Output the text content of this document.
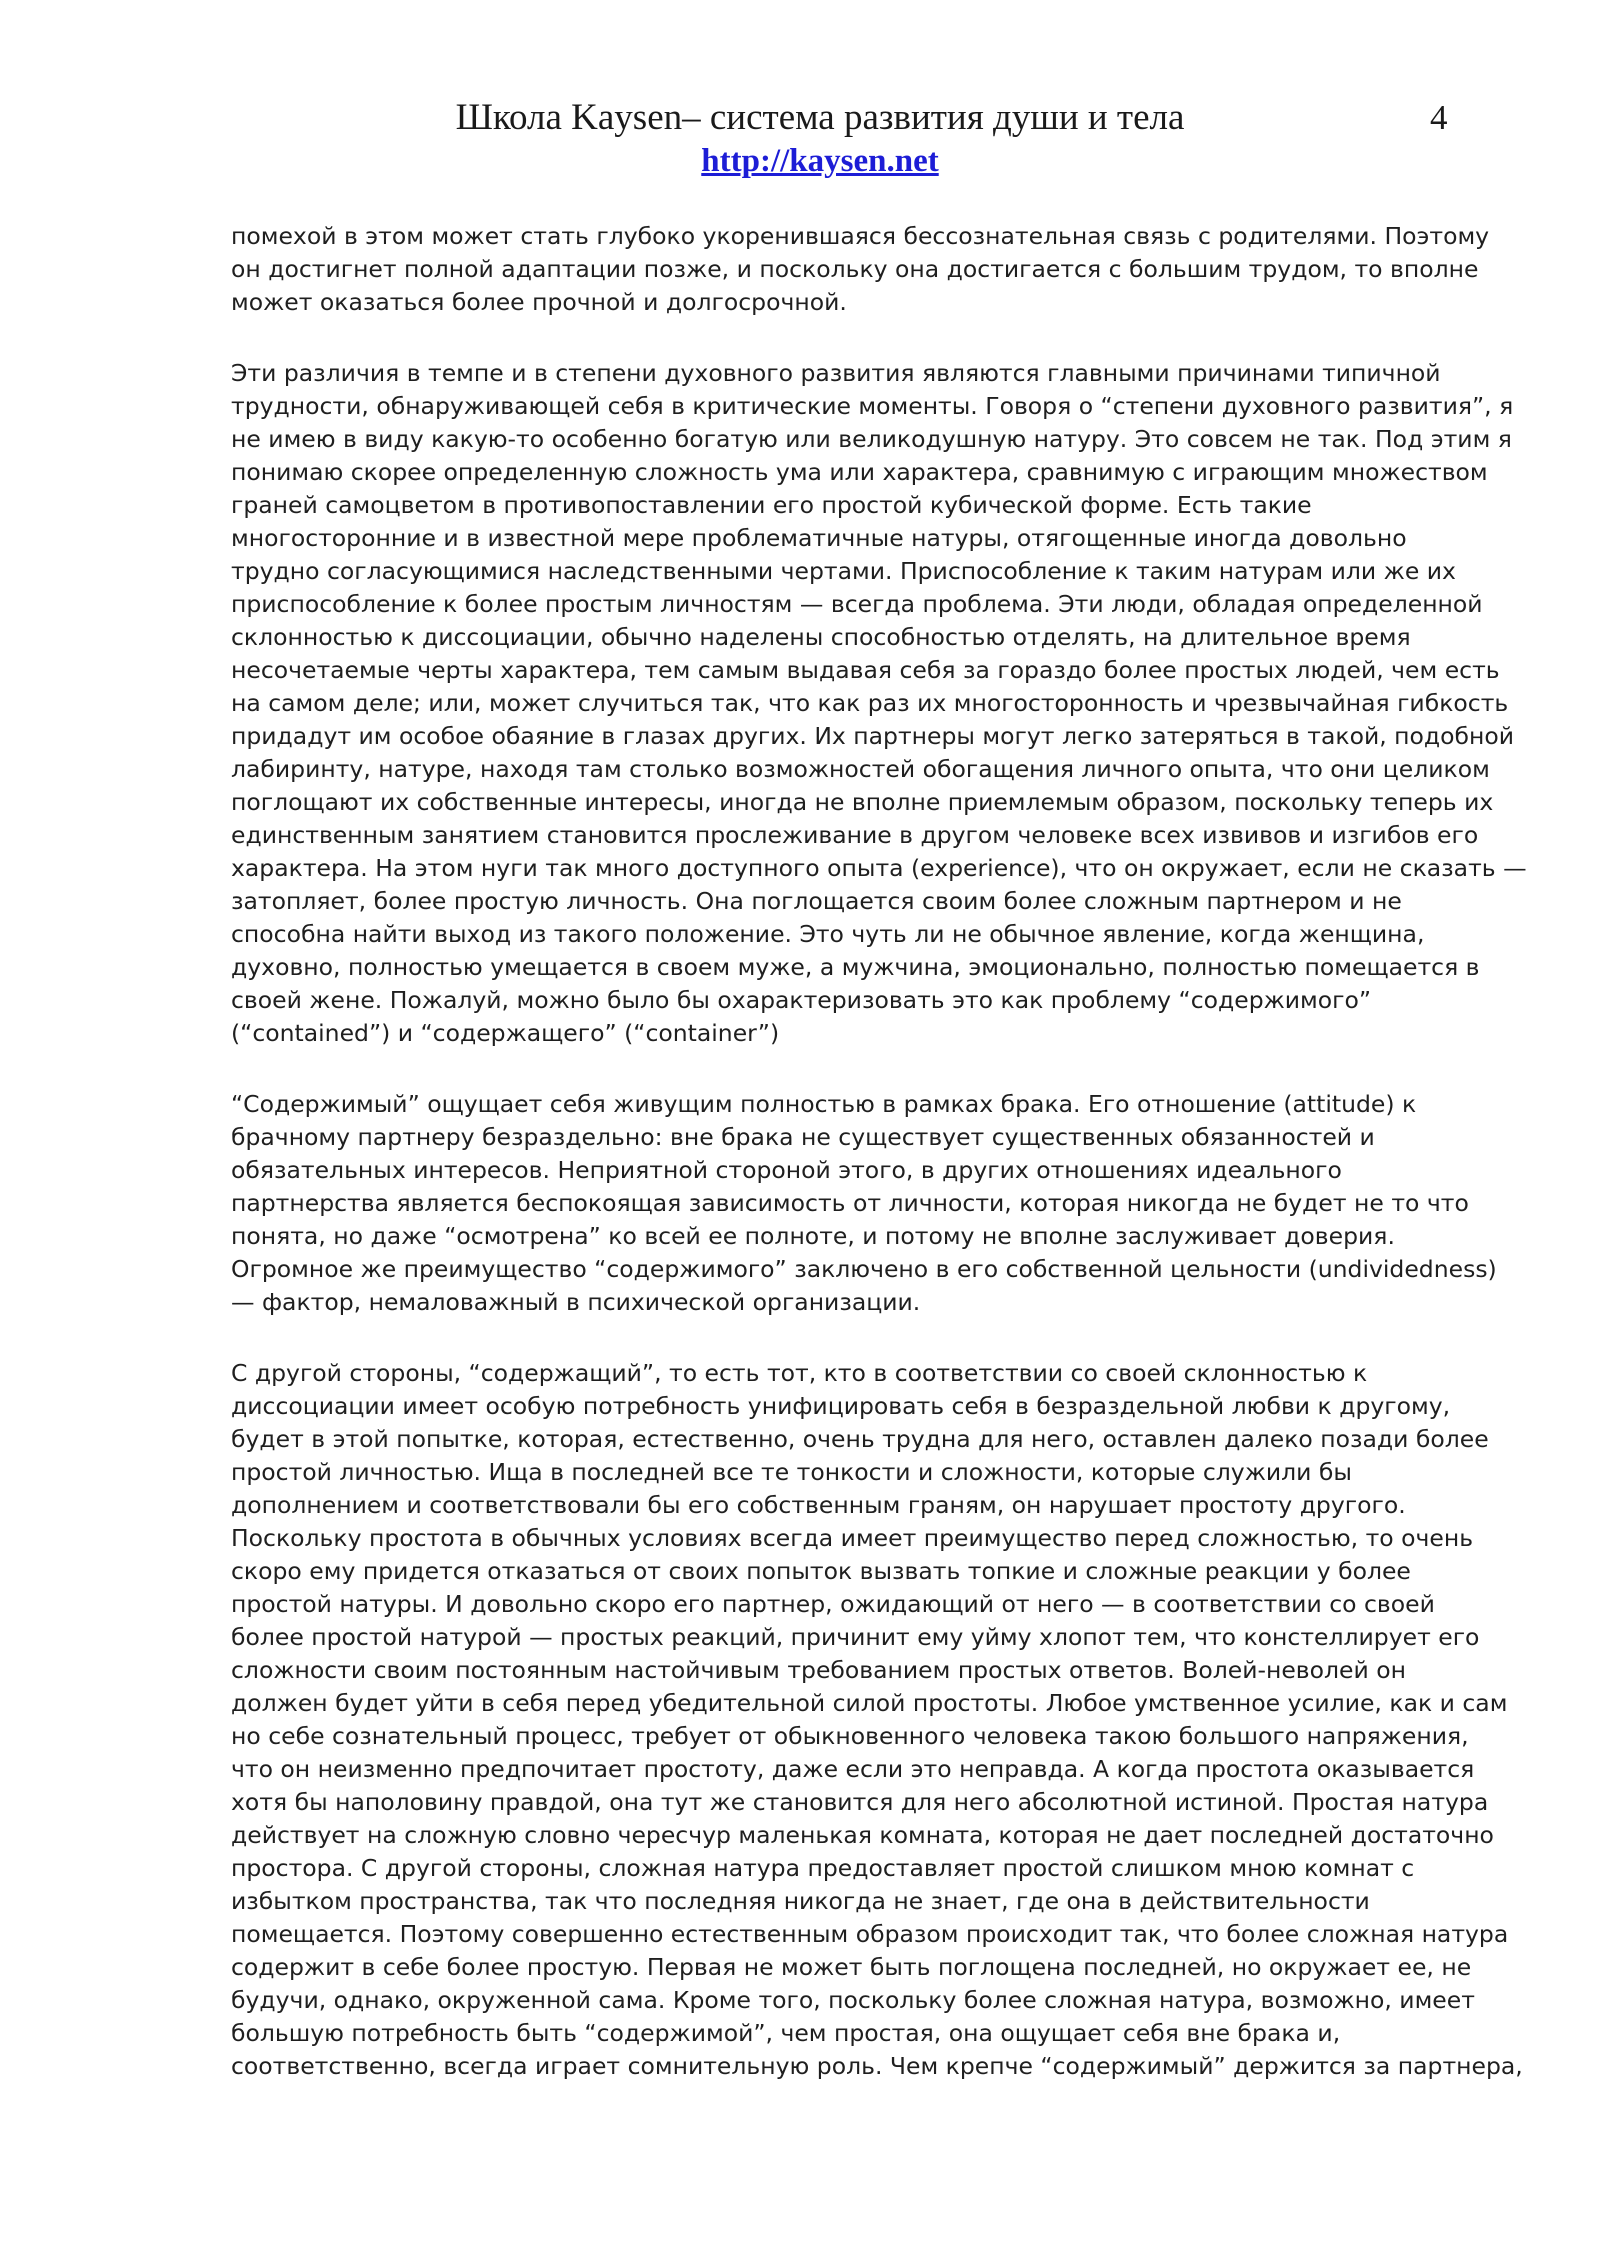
Школа Kaysen– система развития души и тела	4
http://kaysen.net
помехой в этом может стать глубоко укоренившаяся бессознательная связь с родителями. Поэтому
он достигнет полной адаптации позже, и поскольку она достигается с большим трудом, то вполне
может оказаться более прочной и долгосрочной.
Эти различия в темпе и в степени духовного развития являются главными причинами типичной
трудности, обнаруживающей себя в критические моменты. Говоря о “степени духовного развития”, я
не имею в виду какую-то особенно богатую или великодушную натуру. Это совсем не так. Под этим я
понимаю скорее определенную сложность ума или характера, сравнимую с играющим множеством
граней самоцветом в противопоставлении его простой кубической форме. Есть такие
многосторонние и в известной мере проблематичные натуры, отягощенные иногда довольно
трудно согласующимися наследственными чертами. Приспособление к таким натурам или же их
приспособление к более простым личностям — всегда проблема. Эти люди, обладая определенной
склонностью к диссоциации, обычно наделены способностью отделять, на длительное время
несочетаемые черты характера, тем самым выдавая себя за гораздо более простых людей, чем есть
на самом деле; или, может случиться так, что как раз их многосторонность и чрезвычайная гибкость
придадут им особое обаяние в глазах других. Их партнеры могут легко затеряться в такой, подобной
лабиринту, натуре, находя там столько возможностей обогащения личного опыта, что они целиком
поглощают их собственные интересы, иногда не вполне приемлемым образом, поскольку теперь их
единственным занятием становится прослеживание в другом человеке всех извивов и изгибов его
характера. На этом нуги так много доступного опыта (experience), что он окружает, если не сказать —
затопляет, более простую личность. Она поглощается своим более сложным партнером и не
способна найти выход из такого положение. Это чуть ли не обычное явление, когда женщина,
духовно, полностью умещается в своем муже, а мужчина, эмоционально, полностью помещается в
своей жене. Пожалуй, можно было бы охарактеризовать это как проблему “содержимого”
(“contained”) и “содержащего” (“container”)
“Содержимый” ощущает себя живущим полностью в рамках брака. Его отношение (attitude) к
брачному партнеру безраздельно: вне брака не существует существенных обязанностей и
обязательных интересов. Неприятной стороной этого, в других отношениях идеального
партнерства является беспокоящая зависимость от личности, которая никогда не будет не то что
понята, но даже “осмотрена” ко всей ее полноте, и потому не вполне заслуживает доверия.
Огромное же преимущество “содержимого” заключено в его собственной цельности (undividedness)
— фактор, немаловажный в психической организации.
С другой стороны, “содержащий”, то есть тот, кто в соответствии со своей склонностью к
диссоциации имеет особую потребность унифицировать себя в безраздельной любви к другому,
будет в этой попытке, которая, естественно, очень трудна для него, оставлен далеко позади более
простой личностью. Ища в последней все те тонкости и сложности, которые служили бы
дополнением и соответствовали бы его собственным граням, он нарушает простоту другого.
Поскольку простота в обычных условиях всегда имеет преимущество перед сложностью, то очень
скоро ему придется отказаться от своих попыток вызвать топкие и сложные реакции у более
простой натуры. И довольно скоро его партнер, ожидающий от него — в соответствии со своей
более простой натурой — простых реакций, причинит ему уйму хлопот тем, что констеллирует его
сложности своим постоянным настойчивым требованием простых ответов. Волей-неволей он
должен будет уйти в себя перед убедительной силой простоты. Любое умственное усилие, как и сам
но себе сознательный процесс, требует от обыкновенного человека такою большого напряжения,
что он неизменно предпочитает простоту, даже если это неправда. А когда простота оказывается
хотя бы наполовину правдой, она тут же становится для него абсолютной истиной. Простая натура
действует на сложную словно чересчур маленькая комната, которая не дает последней достаточно
простора. С другой стороны, сложная натура предоставляет простой слишком мною комнат с
избытком пространства, так что последняя никогда не знает, где она в действительности
помещается. Поэтому совершенно естественным образом происходит так, что более сложная натура
содержит в себе более простую. Первая не может быть поглощена последней, но окружает ее, не
будучи, однако, окруженной сама. Кроме того, поскольку более сложная натура, возможно, имеет
большую потребность быть “содержимой”, чем простая, она ощущает себя вне брака и,
соответственно, всегда играет сомнительную роль. Чем крепче “содержимый” держится за партнера,
